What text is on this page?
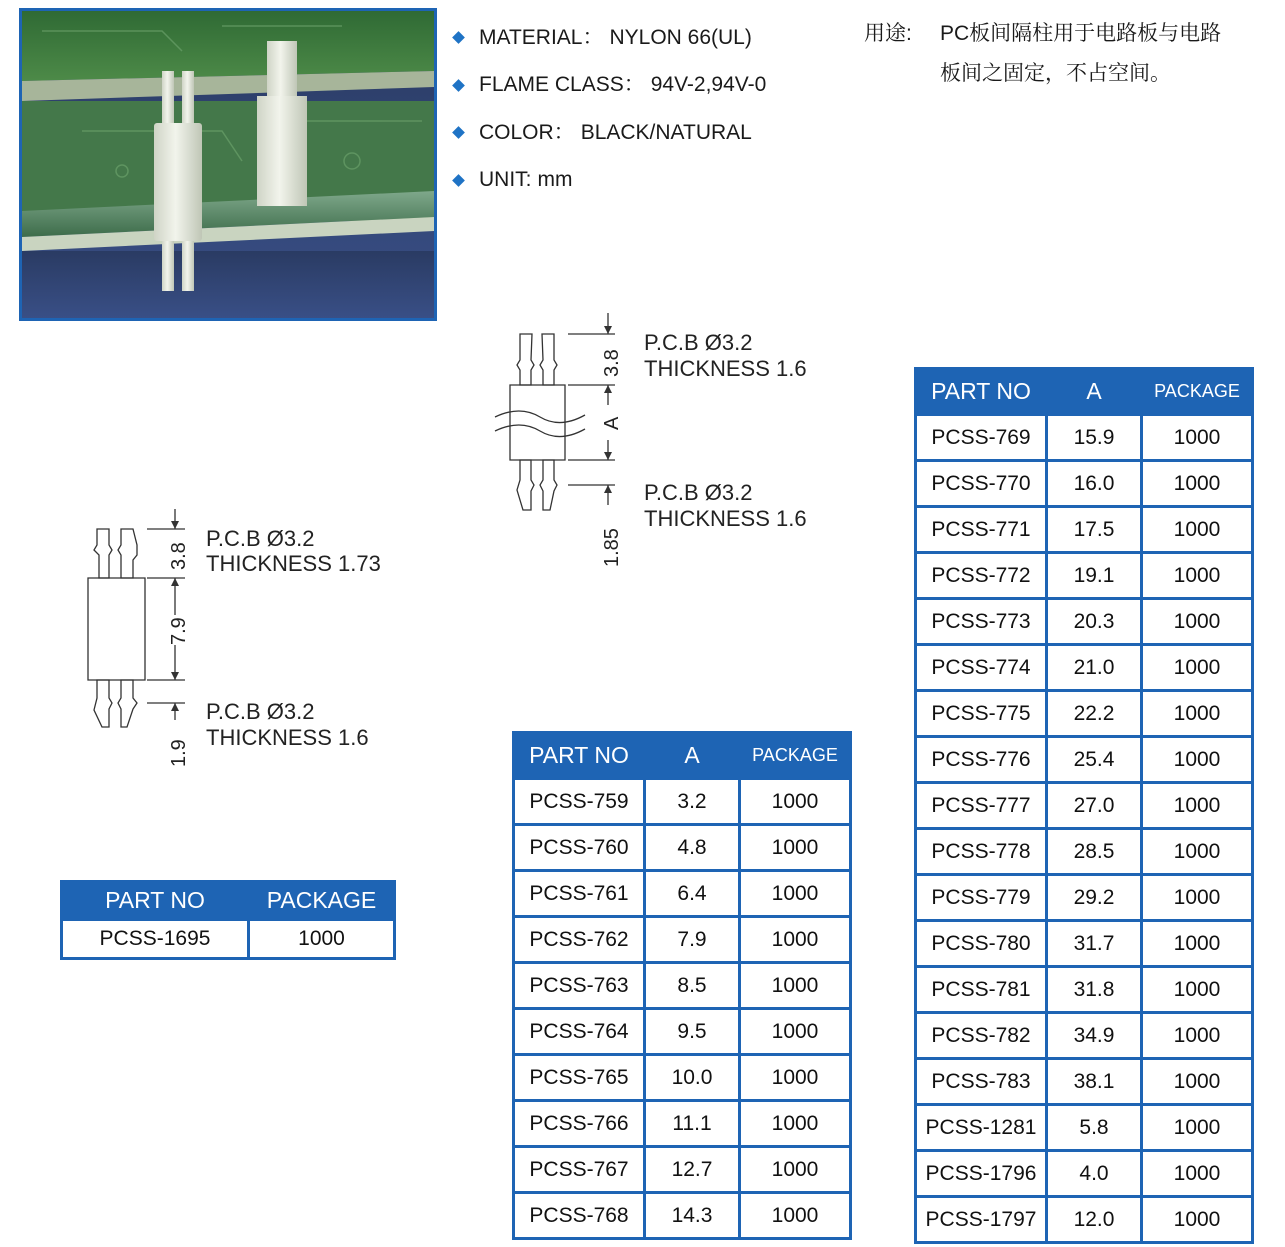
MATERIAL： NYLON 66(UL)
FLAME CLASS： 94V-2,94V-0
COLOR： BLACK/NATURAL
UNIT: mm
用途:	PC板间隔柱用于电路板与电路
板间之固定，不占空间。
3.8
A
1.85
P.C.B Ø3.2
THICKNESS 1.6
P.C.B Ø3.2
THICKNESS 1.6
3.8
7.9
1.9
P.C.B Ø3.2
THICKNESS 1.73
P.C.B Ø3.2
THICKNESS 1.6
PART NO	PACKAGE
PCSS-1695	1000
PART NO	A	PACKAGE
PCSS-759	3.2	1000
PCSS-760	4.8	1000
PCSS-761	6.4	1000
PCSS-762	7.9	1000
PCSS-763	8.5	1000
PCSS-764	9.5	1000
PCSS-765	10.0	1000
PCSS-766	11.1	1000
PCSS-767	12.7	1000
PCSS-768	14.3	1000
PART NO	A	PACKAGE
PCSS-769	15.9	1000
PCSS-770	16.0	1000
PCSS-771	17.5	1000
PCSS-772	19.1	1000
PCSS-773	20.3	1000
PCSS-774	21.0	1000
PCSS-775	22.2	1000
PCSS-776	25.4	1000
PCSS-777	27.0	1000
PCSS-778	28.5	1000
PCSS-779	29.2	1000
PCSS-780	31.7	1000
PCSS-781	31.8	1000
PCSS-782	34.9	1000
PCSS-783	38.1	1000
PCSS-1281	5.8	1000
PCSS-1796	4.0	1000
PCSS-1797	12.0	1000
